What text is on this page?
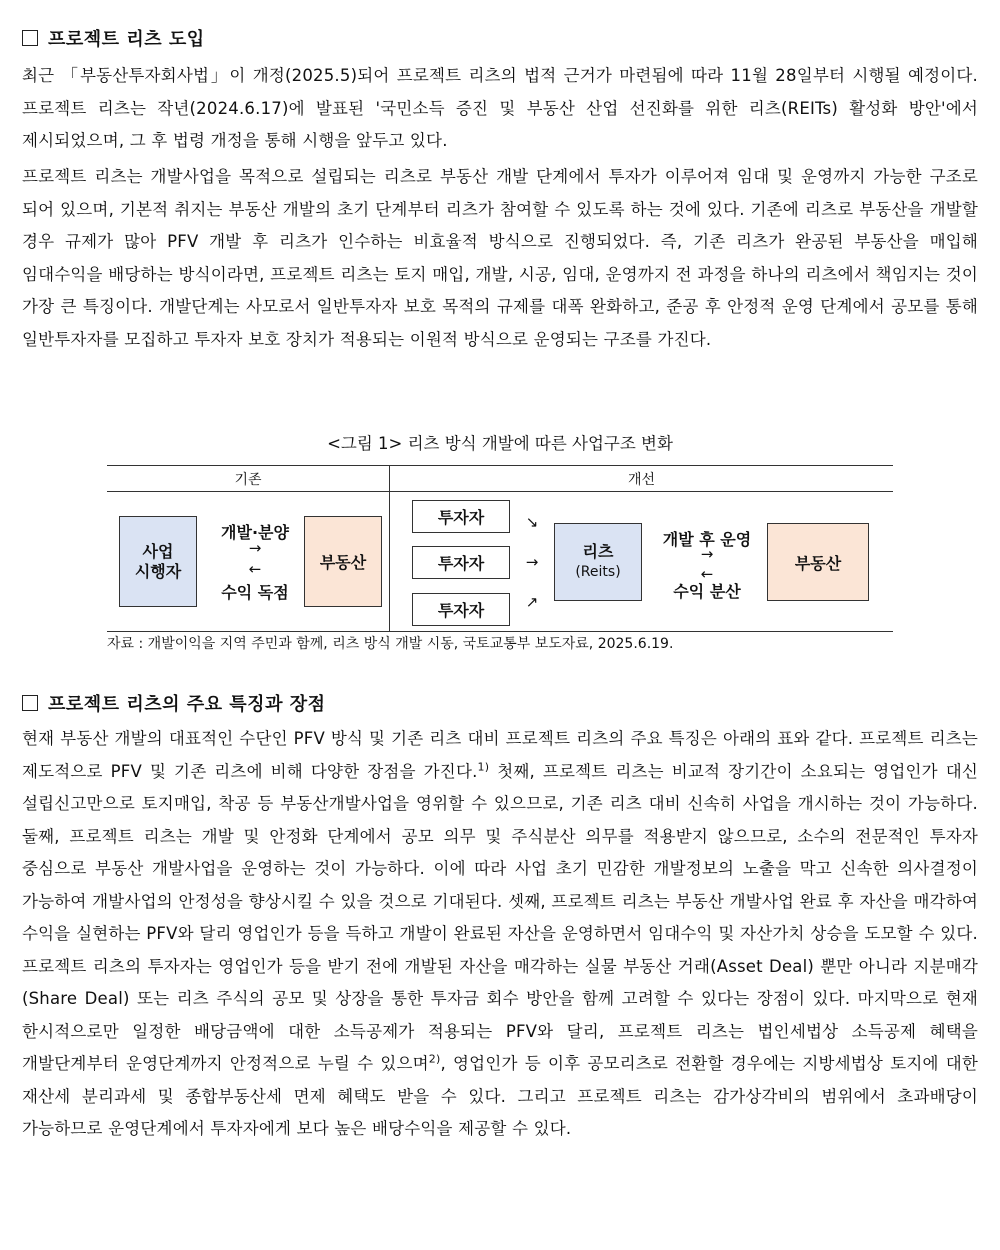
프로젝트 리츠 도입

최근 「부동산투자회사법」이 개정(2025.5)되어 프로젝트 리츠의 법적 근거가 마련됨에 따라 11월 28일부터 시행될 예정이다. 프로젝트 리츠는 작년(2024.6.17)에 발표된 '국민소득 증진 및 부동산 산업 선진화를 위한 리츠(REITs) 활성화 방안'에서 제시되었으며, 그 후 법령 개정을 통해 시행을 앞두고 있다.

프로젝트 리츠는 개발사업을 목적으로 설립되는 리츠로 부동산 개발 단계에서 투자가 이루어져 임대 및 운영까지 가능한 구조로 되어 있으며, 기본적 취지는 부동산 개발의 초기 단계부터 리츠가 참여할 수 있도록 하는 것에 있다. 기존에 리츠로 부동산을 개발할 경우 규제가 많아 PFV 개발 후 리츠가 인수하는 비효율적 방식으로 진행되었다. 즉, 기존 리츠가 완공된 부동산을 매입해 임대수익을 배당하는 방식이라면, 프로젝트 리츠는 토지 매입, 개발, 시공, 임대, 운영까지 전 과정을 하나의 리츠에서 책임지는 것이 가장 큰 특징이다. 개발단계는 사모로서 일반투자자 보호 목적의 규제를 대폭 완화하고, 준공 후 안정적 운영 단계에서 공모를 통해 일반투자자를 모집하고 투자자 보호 장치가 적용되는 이원적 방식으로 운영되는 구조를 가진다.

<그림 1> 리츠 방식 개발에 따른 사업구조 변화
기존	개선
사업
시행자
개발·분양
→
←
수익 독점
부동산
투자자
투자자
투자자
↘
→
↗
리츠
(Reits)
개발 후 운영
→
←
수익 분산
부동산
자료 : 개발이익을 지역 주민과 함께, 리츠 방식 개발 시동, 국토교통부 보도자료, 2025.6.19.
프로젝트 리츠의 주요 특징과 장점

현재 부동산 개발의 대표적인 수단인 PFV 방식 및 기존 리츠 대비 프로젝트 리츠의 주요 특징은 아래의 표와 같다. 프로젝트 리츠는 제도적으로 PFV 및 기존 리츠에 비해 다양한 장점을 가진다.$^{1)}$ 첫째, 프로젝트 리츠는 비교적 장기간이 소요되는 영업인가 대신 설립신고만으로 토지매입, 착공 등 부동산개발사업을 영위할 수 있으므로, 기존 리츠 대비 신속히 사업을 개시하는 것이 가능하다. 둘째, 프로젝트 리츠는 개발 및 안정화 단계에서 공모 의무 및 주식분산 의무를 적용받지 않으므로, 소수의 전문적인 투자자 중심으로 부동산 개발사업을 운영하는 것이 가능하다. 이에 따라 사업 초기 민감한 개발정보의 노출을 막고 신속한 의사결정이 가능하여 개발사업의 안정성을 향상시킬 수 있을 것으로 기대된다. 셋째, 프로젝트 리츠는 부동산 개발사업 완료 후 자산을 매각하여 수익을 실현하는 PFV와 달리 영업인가 등을 득하고 개발이 완료된 자산을 운영하면서 임대수익 및 자산가치 상승을 도모할 수 있다. 프로젝트 리츠의 투자자는 영업인가 등을 받기 전에 개발된 자산을 매각하는 실물 부동산 거래(Asset Deal) 뿐만 아니라 지분매각(Share Deal) 또는 리츠 주식의 공모 및 상장을 통한 투자금 회수 방안을 함께 고려할 수 있다는 장점이 있다. 마지막으로 현재 한시적으로만 일정한 배당금액에 대한 소득공제가 적용되는 PFV와 달리, 프로젝트 리츠는 법인세법상 소득공제 혜택을 개발단계부터 운영단계까지 안정적으로 누릴 수 있으며$^{2)}$, 영업인가 등 이후 공모리츠로 전환할 경우에는 지방세법상 토지에 대한 재산세 분리과세 및 종합부동산세 면제 혜택도 받을 수 있다. 그리고 프로젝트 리츠는 감가상각비의 범위에서 초과배당이 가능하므로 운영단계에서 투자자에게 보다 높은 배당수익을 제공할 수 있다.
